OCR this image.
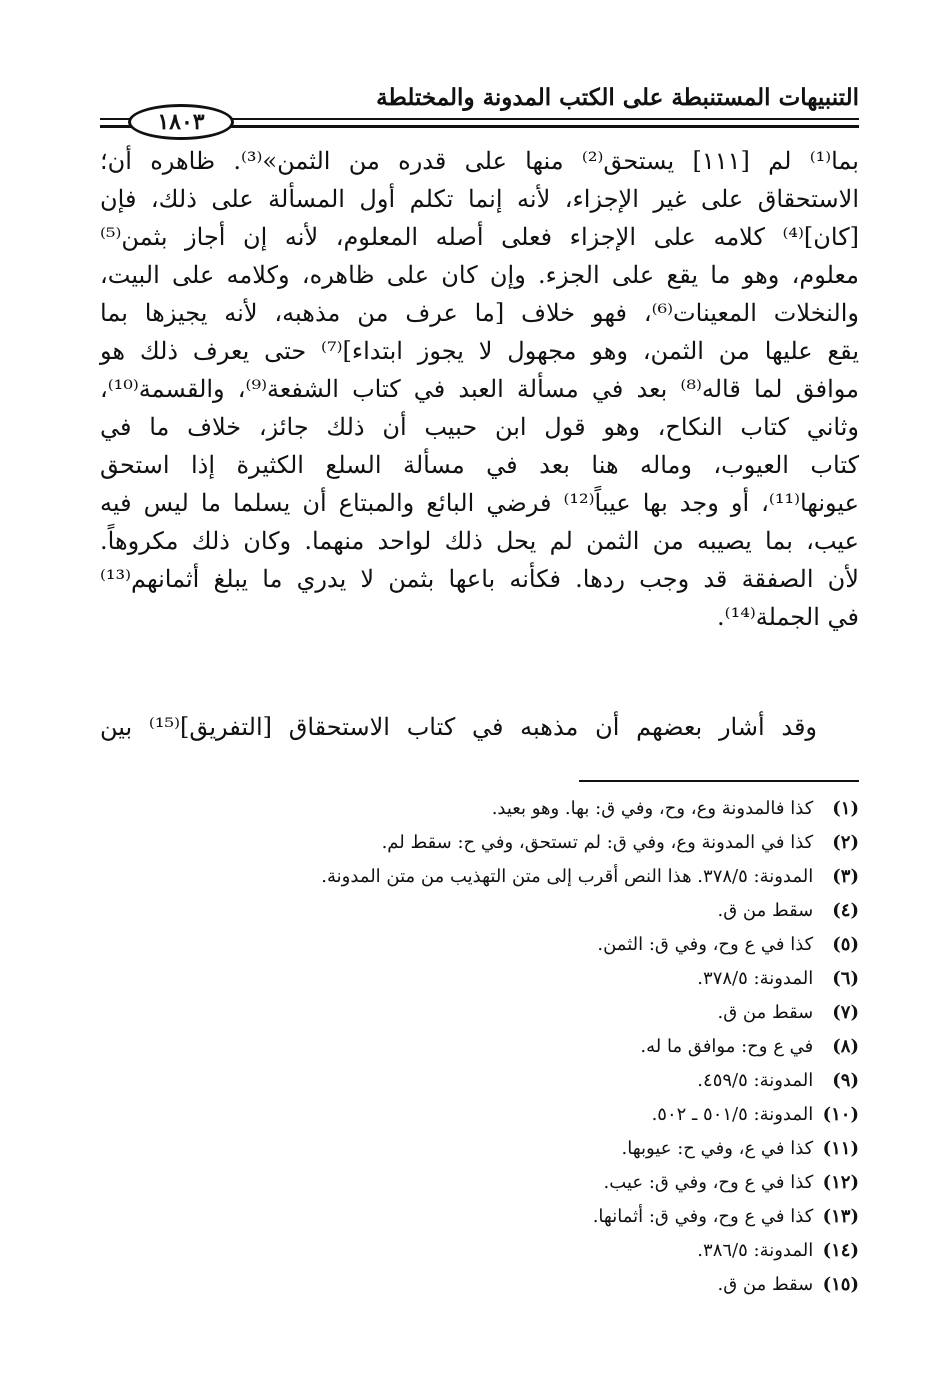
التنبيهات المستنبطة على الكتب المدونة والمختلطة
١٨٠٣
بما⁽¹⁾ لم [١١١] يستحق⁽²⁾ منها على قدره من الثمن»⁽³⁾. ظاهره أن؛
الاستحقاق على غير الإجزاء، لأنه إنما تكلم أول المسألة على ذلك، فإن
[كان]⁽⁴⁾ كلامه على الإجزاء فعلى أصله المعلوم، لأنه إن أجاز بثمن⁽⁵⁾
معلوم، وهو ما يقع على الجزء. وإن كان على ظاهره، وكلامه على البيت،
والنخلات المعينات⁽⁶⁾، فهو خلاف [ما عرف من مذهبه، لأنه يجيزها بما
يقع عليها من الثمن، وهو مجهول لا يجوز ابتداء]⁽⁷⁾ حتى يعرف ذلك هو
موافق لما قاله⁽⁸⁾ بعد في مسألة العبد في كتاب الشفعة⁽⁹⁾، والقسمة⁽¹⁰⁾،
وثاني كتاب النكاح، وهو قول ابن حبيب أن ذلك جائز، خلاف ما في
كتاب العيوب، وماله هنا بعد في مسألة السلع الكثيرة إذا استحق
عيونها⁽¹¹⁾، أو وجد بها عيباً⁽¹²⁾ فرضي البائع والمبتاع أن يسلما ما ليس فيه
عيب، بما يصيبه من الثمن لم يحل ذلك لواحد منهما. وكان ذلك مكروهاً.
لأن الصفقة قد وجب ردها. فكأنه باعها بثمن لا يدري ما يبلغ أثمانهم⁽¹³⁾
في الجملة⁽¹⁴⁾.
وقد أشار بعضهم أن مذهبه في كتاب الاستحقاق [التفريق]⁽¹⁵⁾ بين
(١) كذا فالمدونة وع، وح، وفي ق: بها. وهو بعيد.
(٢) كذا في المدونة وع، وفي ق: لم تستحق، وفي ح: سقط لم.
(٣) المدونة: ٣٧٨/٥. هذا النص أقرب إلى متن التهذيب من متن المدونة.
(٤) سقط من ق.
(٥) كذا في ع وح، وفي ق: الثمن.
(٦) المدونة: ٣٧٨/٥.
(٧) سقط من ق.
(٨) في ع وح: موافق ما له.
(٩) المدونة: ٤٥٩/٥.
(١٠) المدونة: ٥٠١/٥ ـ ٥٠٢.
(١١) كذا في ع، وفي ح: عيوبها.
(١٢) كذا في ع وح، وفي ق: عيب.
(١٣) كذا في ع وح، وفي ق: أثمانها.
(١٤) المدونة: ٣٨٦/٥.
(١٥) سقط من ق.
